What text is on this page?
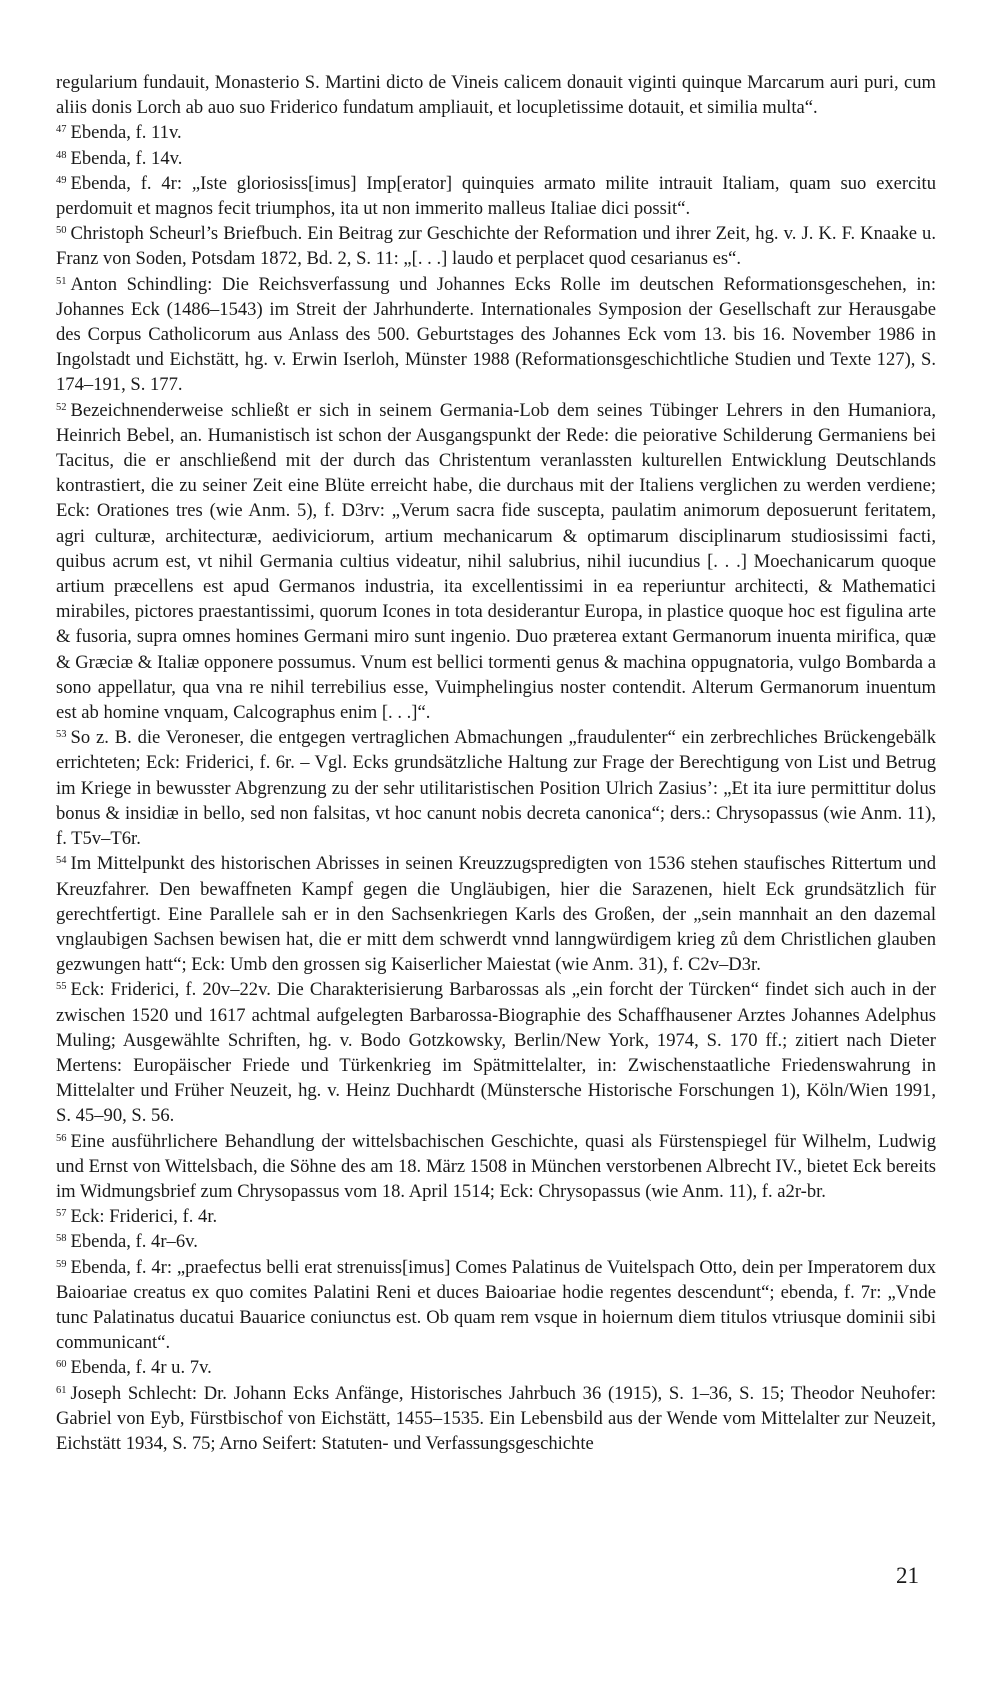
regularium fundauit, Monasterio S. Martini dicto de Vineis calicem donauit viginti quinque Marcarum auri puri, cum aliis donis Lorch ab auo suo Friderico fundatum ampliauit, et locupletissime dotauit, et similia multa“.

$^{47}$ Ebenda, f. 11v.

$^{48}$ Ebenda, f. 14v.

$^{49}$ Ebenda, f. 4r: „Iste gloriosiss[imus] Imp[erator] quinquies armato milite intrauit Italiam, quam suo exercitu perdomuit et magnos fecit triumphos, ita ut non immerito malleus Italiae dici possit“.

$^{50}$ Christoph Scheurl’s Briefbuch. Ein Beitrag zur Geschichte der Reformation und ihrer Zeit, hg. v. J. K. F. Knaake u. Franz von Soden, Potsdam 1872, Bd. 2, S. 11: „[. . .] laudo et perplacet quod cesarianus es“.

$^{51}$ Anton Schindling: Die Reichsverfassung und Johannes Ecks Rolle im deutschen Reformationsgeschehen, in: Johannes Eck (1486–1543) im Streit der Jahrhunderte. Internationales Symposion der Gesellschaft zur Herausgabe des Corpus Catholicorum aus Anlass des 500. Geburtstages des Johannes Eck vom 13. bis 16. November 1986 in Ingolstadt und Eichstätt, hg. v. Erwin Iserloh, Münster 1988 (Reformationsgeschichtliche Studien und Texte 127), S. 174–191, S. 177.

$^{52}$ Bezeichnenderweise schließt er sich in seinem Germania-Lob dem seines Tübinger Lehrers in den Humaniora, Heinrich Bebel, an. Humanistisch ist schon der Ausgangspunkt der Rede: die peiorative Schilderung Germaniens bei Tacitus, die er anschließend mit der durch das Christentum veranlassten kulturellen Entwicklung Deutschlands kontrastiert, die zu seiner Zeit eine Blüte erreicht habe, die durchaus mit der Italiens verglichen zu werden verdiene; Eck: Orationes tres (wie Anm. 5), f. D3rv: „Verum sacra fide suscepta, paulatim animorum deposuerunt feritatem, agri culturæ, architecturæ, aediviciorum, artium mechanicarum & optimarum disciplinarum studiosissimi facti, quibus acrum est, vt nihil Germania cultius videatur, nihil salubrius, nihil iucundius [. . .] Moechanicarum quoque artium præcellens est apud Germanos industria, ita excellentissimi in ea reperiuntur architecti, & Mathematici mirabiles, pictores praestantissimi, quorum Icones in tota desiderantur Europa, in plastice quoque hoc est figulina arte & fusoria, supra omnes homines Germani miro sunt ingenio. Duo præterea extant Germanorum inuenta mirifica, quæ & Græciæ & Italiæ opponere possumus. Vnum est bellici tormenti genus & machina oppugnatoria, vulgo Bombarda a sono appellatur, qua vna re nihil terrebilius esse, Vuimphelingius noster contendit. Alterum Germanorum inuentum est ab homine vnquam, Calcographus enim [. . .]“.

$^{53}$ So z. B. die Veroneser, die entgegen vertraglichen Abmachungen „fraudulenter“ ein zerbrechliches Brückengebälk errichteten; Eck: Friderici, f. 6r. – Vgl. Ecks grundsätzliche Haltung zur Frage der Berechtigung von List und Betrug im Kriege in bewusster Abgrenzung zu der sehr utilitaristischen Position Ulrich Zasius’: „Et ita iure permittitur dolus bonus & insidiæ in bello, sed non falsitas, vt hoc canunt nobis decreta canonica“; ders.: Chrysopassus (wie Anm. 11), f. T5v–T6r.

$^{54}$ Im Mittelpunkt des historischen Abrisses in seinen Kreuzzugspredigten von 1536 stehen staufisches Rittertum und Kreuzfahrer. Den bewaffneten Kampf gegen die Ungläubigen, hier die Sarazenen, hielt Eck grundsätzlich für gerechtfertigt. Eine Parallele sah er in den Sachsenkriegen Karls des Großen, der „sein mannhait an den dazemal vnglaubigen Sachsen bewisen hat, die er mitt dem schwerdt vnnd lanngwürdigem krieg zů dem Christlichen glauben gezwungen hatt“; Eck: Umb den grossen sig Kaiserlicher Maiestat (wie Anm. 31), f. C2v–D3r.

$^{55}$ Eck: Friderici, f. 20v–22v. Die Charakterisierung Barbarossas als „ein forcht der Türcken“ findet sich auch in der zwischen 1520 und 1617 achtmal aufgelegten Barbarossa-Biographie des Schaffhausener Arztes Johannes Adelphus Muling; Ausgewählte Schriften, hg. v. Bodo Gotzkowsky, Berlin/New York, 1974, S. 170 ff.; zitiert nach Dieter Mertens: Europäischer Friede und Türkenkrieg im Spätmittelalter, in: Zwischenstaatliche Friedenswahrung in Mittelalter und Früher Neuzeit, hg. v. Heinz Duchhardt (Münstersche Historische Forschungen 1), Köln/Wien 1991, S. 45–90, S. 56.

$^{56}$ Eine ausführlichere Behandlung der wittelsbachischen Geschichte, quasi als Fürstenspiegel für Wilhelm, Ludwig und Ernst von Wittelsbach, die Söhne des am 18. März 1508 in München verstorbenen Albrecht IV., bietet Eck bereits im Widmungsbrief zum Chrysopassus vom 18. April 1514; Eck: Chrysopassus (wie Anm. 11), f. a2r-br.

$^{57}$ Eck: Friderici, f. 4r.

$^{58}$ Ebenda, f. 4r–6v.

$^{59}$ Ebenda, f. 4r: „praefectus belli erat strenuiss[imus] Comes Palatinus de Vuitelspach Otto, dein per Imperatorem dux Baioariae creatus ex quo comites Palatini Reni et duces Baioariae hodie regentes descendunt“; ebenda, f. 7r: „Vnde tunc Palatinatus ducatui Bauarice coniunctus est. Ob quam rem vsque in hoiernum diem titulos vtriusque dominii sibi communicant“.

$^{60}$ Ebenda, f. 4r u. 7v.

$^{61}$ Joseph Schlecht: Dr. Johann Ecks Anfänge, Historisches Jahrbuch 36 (1915), S. 1–36, S. 15; Theodor Neuhofer: Gabriel von Eyb, Fürstbischof von Eichstätt, 1455–1535. Ein Lebensbild aus der Wende vom Mittelalter zur Neuzeit, Eichstätt 1934, S. 75; Arno Seifert: Statuten- und Verfassungsgeschichte

21
